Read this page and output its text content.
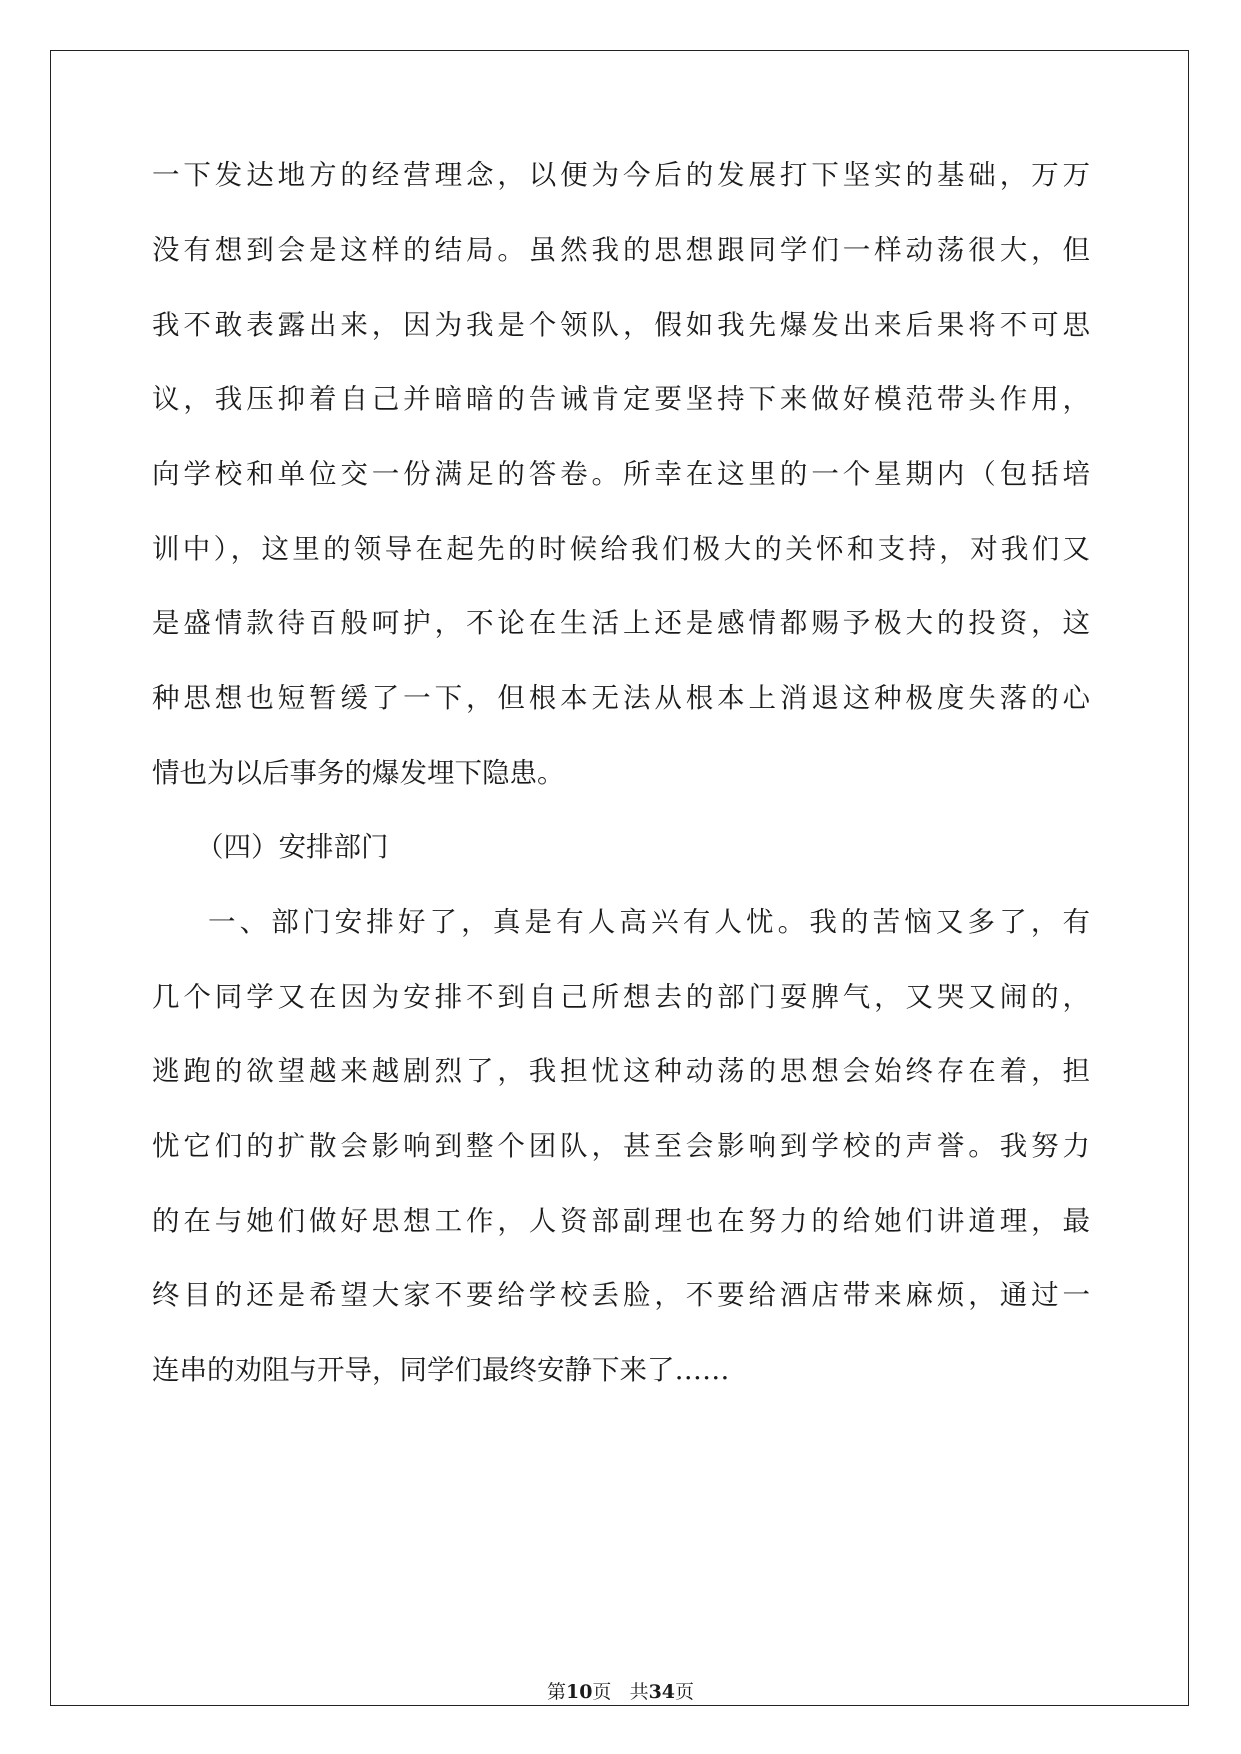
一下发达地方的经营理念，以便为今后的发展打下坚实的基础，万万
没有想到会是这样的结局。虽然我的思想跟同学们一样动荡很大，但
我不敢表露出来，因为我是个领队，假如我先爆发出来后果将不可思
议，我压抑着自己并暗暗的告诫肯定要坚持下来做好模范带头作用，
向学校和单位交一份满足的答卷。所幸在这里的一个星期内（包括培
训中），这里的领导在起先的时候给我们极大的关怀和支持，对我们又
是盛情款待百般呵护，不论在生活上还是感情都赐予极大的投资，这
种思想也短暂缓了一下，但根本无法从根本上消退这种极度失落的心
情也为以后事务的爆发埋下隐患。
（四）安排部门
一、部门安排好了，真是有人高兴有人忧。我的苦恼又多了，有
几个同学又在因为安排不到自己所想去的部门耍脾气，又哭又闹的，
逃跑的欲望越来越剧烈了，我担忧这种动荡的思想会始终存在着，担
忧它们的扩散会影响到整个团队，甚至会影响到学校的声誉。我努力
的在与她们做好思想工作，人资部副理也在努力的给她们讲道理，最
终目的还是希望大家不要给学校丢脸，不要给酒店带来麻烦，通过一
连串的劝阻与开导，同学们最终安静下来了……
第10页 共34页
